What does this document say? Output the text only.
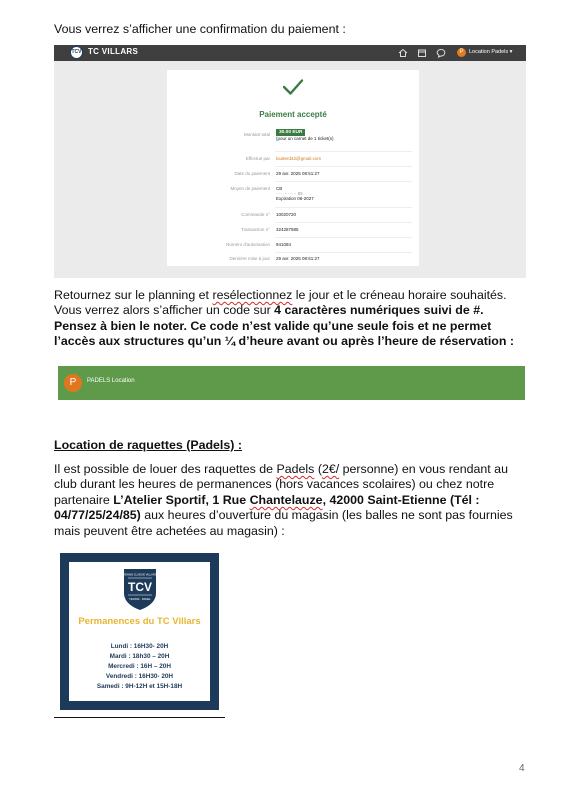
Vous verrez s’afficher une confirmation du paiement :

TCV TC VILLARS	P	Location Padels ▾
Paiement accepté
Montant total	30.00 EUR
(pour un carnet de 1 ticket(s)
Effectué par lou8erd42@gmail.com
Date du paiement 29 avr. 2025 08:51:27
Moyen de paiement CB
···· ···· ···· 85
Expiration 06-2027
Commande n° 10020720
Transaction n° 324287985
Numéro d'autorisation 941084
Dernière mise à jour 29 avr. 2025 08:51:27

Retournez sur le planning et resélectionnez le jour et le créneau horaire souhaités.

Vous verrez alors s’afficher un code sur 4 caractères numériques suivi de #.

Pensez à bien le noter. Ce code n’est valide qu’une seule fois et ne permet

l’accès aux structures qu’un ¼ d’heure avant ou après l’heure de réservation :

P	PADELS Location

Location de raquettes (Padels) :

Il est possible de louer des raquettes de Padels (2€/ personne) en vous rendant au

club durant les heures de permanences (hors vacances scolaires) ou chez notre

partenaire L’Atelier Sportif, 1 Rue Chantelauze, 42000 Saint-Etienne (Tél :

04/77/25/24/85) aux heures d’ouverture du magasin (les balles ne sont pas fournies

mais peuvent être achetées au magasin) :

TENNIS CLUB DE VILLARS
TCV
TENNIS · PADEL
Permanences du TC Villars
Lundi : 16H30- 20H
Mardi : 18h30 – 20H
Mercredi : 16H – 20H
Vendredi : 16H30- 20H
Samedi : 9H-12H et 15H-18H
4
